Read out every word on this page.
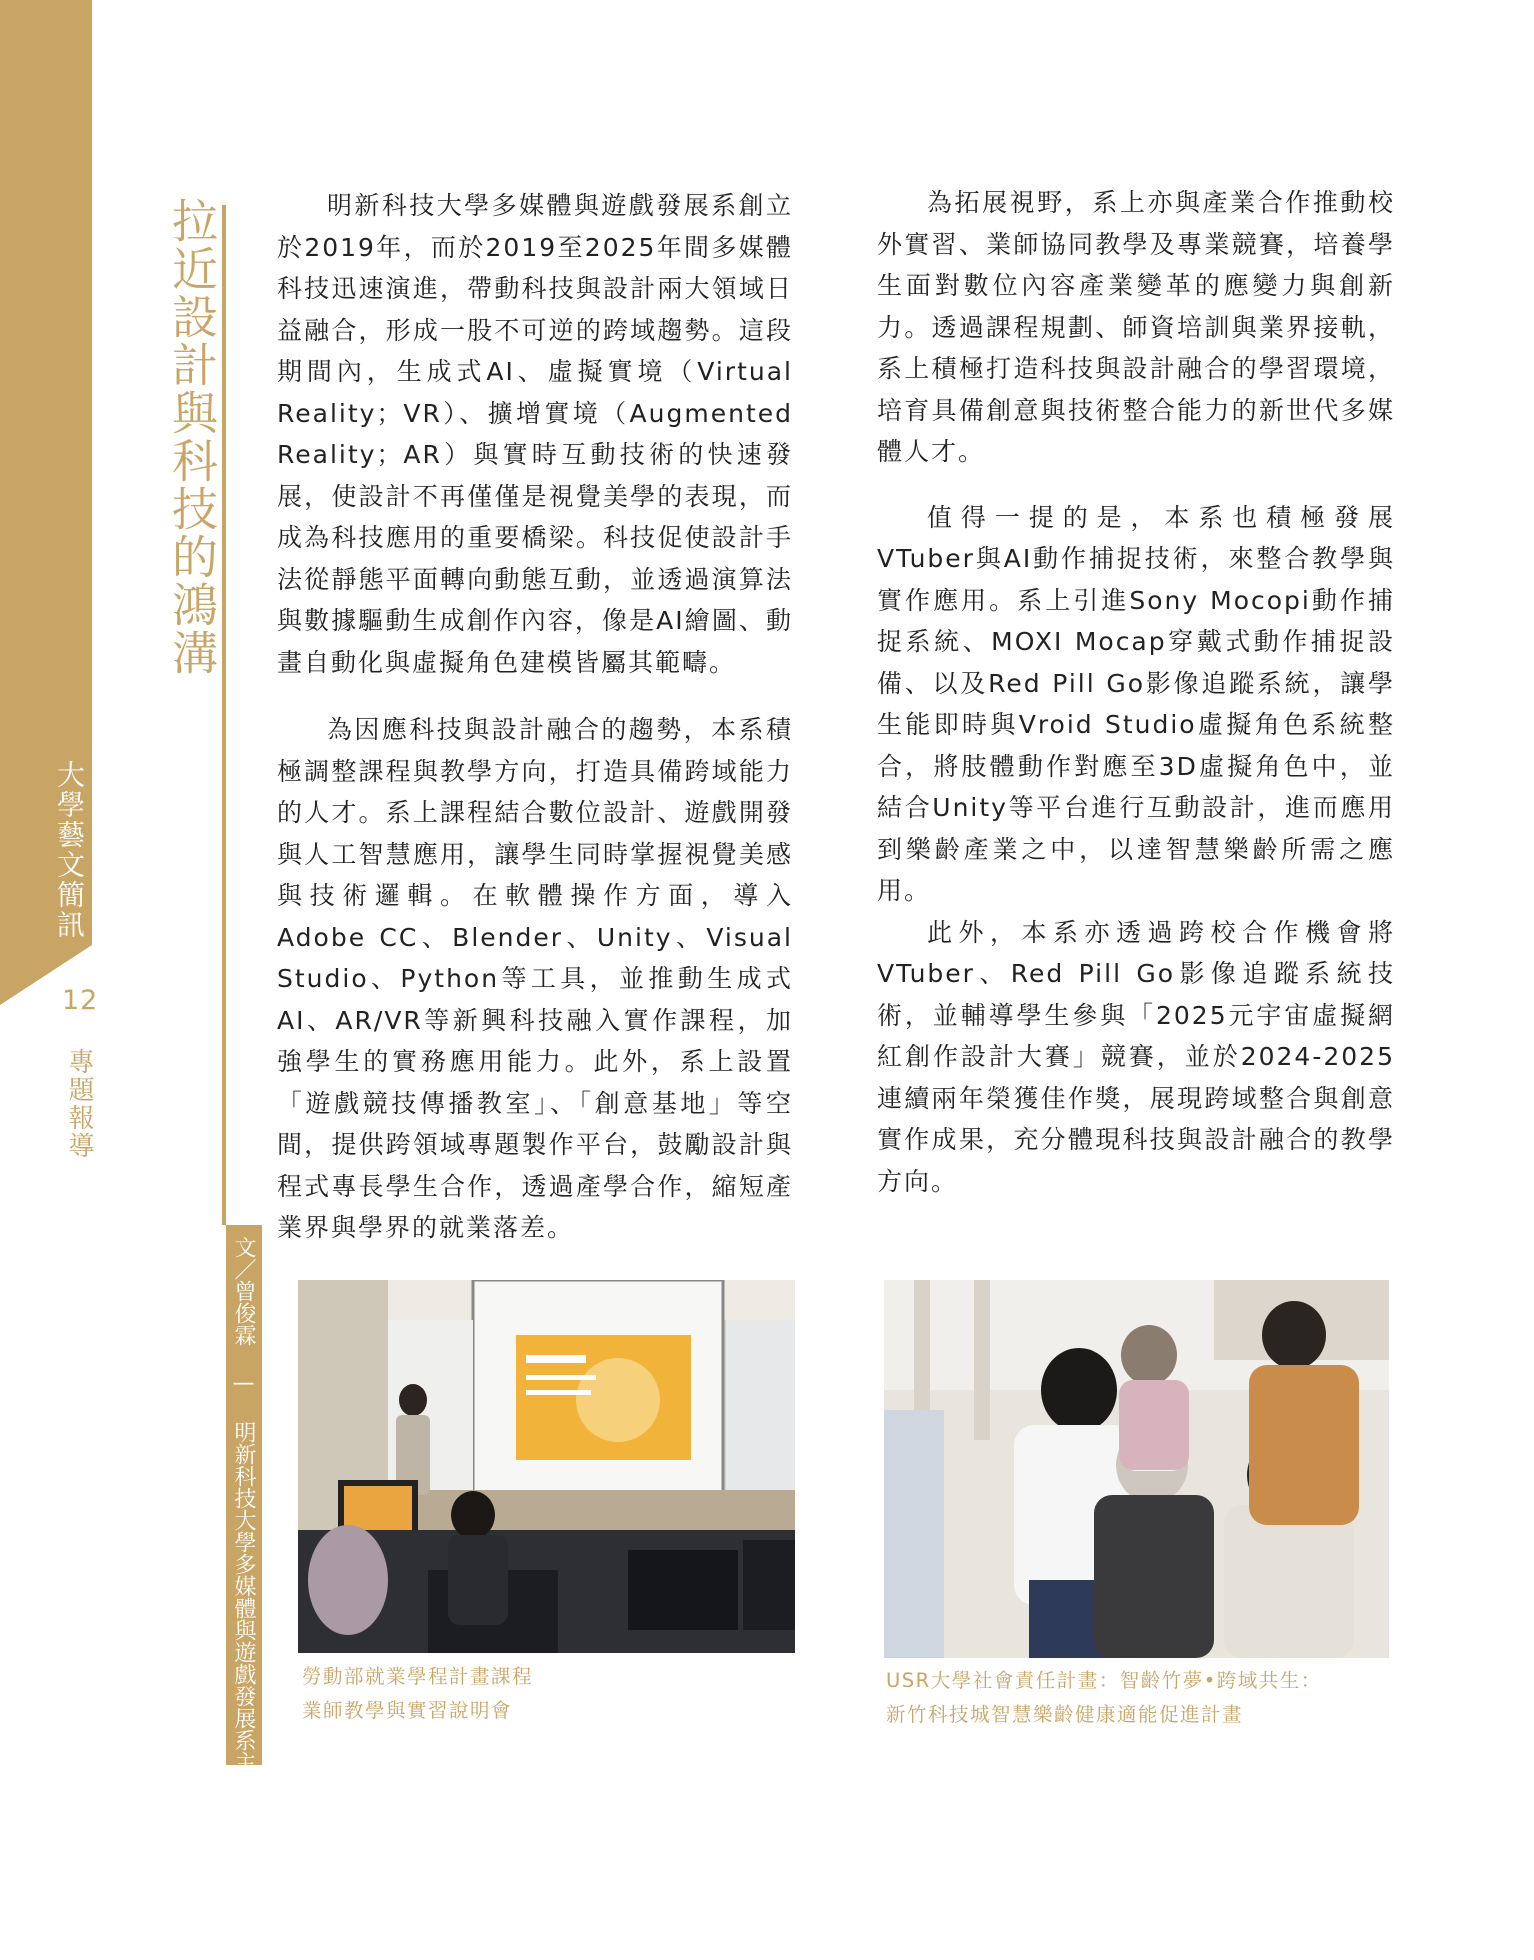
大學藝文簡訊
12
專題報導
拉近設計與科技的鴻溝
文／曾俊霖 — 明新科技大學多媒體與遊戲發展系主任

明新科技大學多媒體與遊戲發展系創立於2019年，而於2019至2025年間多媒體科技迅速演進，帶動科技與設計兩大領域日益融合，形成一股不可逆的跨域趨勢。這段期間內，生成式AI、虛擬實境（Virtual Reality；VR）、擴增實境（Augmented Reality；AR）與實時互動技術的快速發展，使設計不再僅僅是視覺美學的表現，而成為科技應用的重要橋梁。科技促使設計手法從靜態平面轉向動態互動，並透過演算法與數據驅動生成創作內容，像是AI繪圖、動畫自動化與虛擬角色建模皆屬其範疇。

為因應科技與設計融合的趨勢，本系積極調整課程與教學方向，打造具備跨域能力的人才。系上課程結合數位設計、遊戲開發與人工智慧應用，讓學生同時掌握視覺美感與技術邏輯。在軟體操作方面，導入Adobe CC、Blender、Unity、Visual Studio、Python等工具，並推動生成式AI、AR/VR等新興科技融入實作課程，加強學生的實務應用能力。此外，系上設置「遊戲競技傳播教室」、「創意基地」等空間，提供跨領域專題製作平台，鼓勵設計與程式專長學生合作，透過產學合作，縮短產業界與學界的就業落差。

為拓展視野，系上亦與產業合作推動校外實習、業師協同教學及專業競賽，培養學生面對數位內容產業變革的應變力與創新力。透過課程規劃、師資培訓與業界接軌，系上積極打造科技與設計融合的學習環境，培育具備創意與技術整合能力的新世代多媒體人才。

值得一提的是，本系也積極發展VTuber與AI動作捕捉技術，來整合教學與實作應用。系上引進Sony Mocopi動作捕捉系統、MOXI Mocap穿戴式動作捕捉設備、以及Red Pill Go影像追蹤系統，讓學生能即時與Vroid Studio虛擬角色系統整合，將肢體動作對應至3D虛擬角色中，並結合Unity等平台進行互動設計，進而應用到樂齡產業之中，以達智慧樂齡所需之應用。

此外，本系亦透過跨校合作機會將VTuber、Red Pill Go影像追蹤系統技術，並輔導學生參與「2025元宇宙虛擬網紅創作設計大賽」競賽，並於2024-2025連續兩年榮獲佳作獎，展現跨域整合與創意實作成果，充分體現科技與設計融合的教學方向。

勞動部就業學程計畫課程
業師教學與實習說明會
USR大學社會責任計畫：智齡竹夢•跨域共生：
新竹科技城智慧樂齡健康適能促進計畫
